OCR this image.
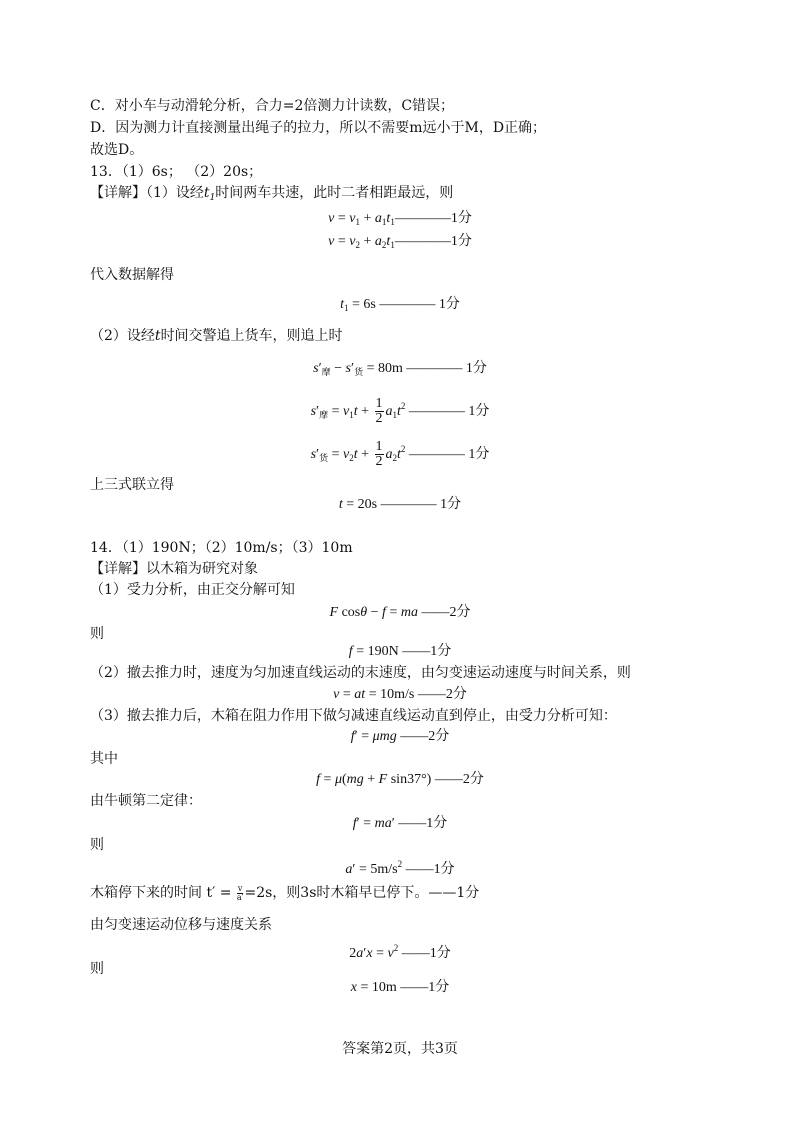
C．对小车与动滑轮分析，合力=2倍测力计读数，C错误；
D．因为测力计直接测量出绳子的拉力，所以不需要m远小于M，D正确；
故选D。
13．（1）6s； （2）20s；
【详解】（1）设经$t_1$时间两车共速，此时二者相距最远，则
$v = v_1$ + $a_1t_1————1$分
$v = v_2$ + $a_2t_1————1$分
代入数据解得
$t_1 = 6s$ ———— 1分
（2）设经t时间交警追上货车，则追上时
$s'_摩 - s'_货 = 80m$ ———— 1分
$s'_摩 = v_1t + \frac{1}{2} a_1t^2$ ———— 1分
$s'_货 = v_2t + \frac{1}{2} a_2t^2$ ———— 1分
上三式联立得
t = 20s ———— 1分
14．（1）190N；（2）10m/s；（3）10m
【详解】以木箱为研究对象
（1）受力分析，由正交分解可知
F cosθ − f = ma ——2分
则
f = 190N ——1分
（2）撤去推力时，速度为匀加速直线运动的末速度，由匀变速运动速度与时间关系，则
v = at = 10m/s ——2分
（3）撤去推力后，木箱在阻力作用下做匀减速直线运动直到停止，由受力分析可知：
f′ = μmg ——2分
其中
f = μ(mg + F sin37°) ——2分
由牛顿第二定律：
f′ = ma′ ——1分
则
$a' = 5m/s^2$ ——1分
木箱停下来的时间 $t' = \frac{v}{a'} =2s$，则3s时木箱早已停下。——1分
由匀变速运动位移与速度关系
$2a'x = v^2$ ——1分
则
x = 10m ——1分
答案第2页，共3页
